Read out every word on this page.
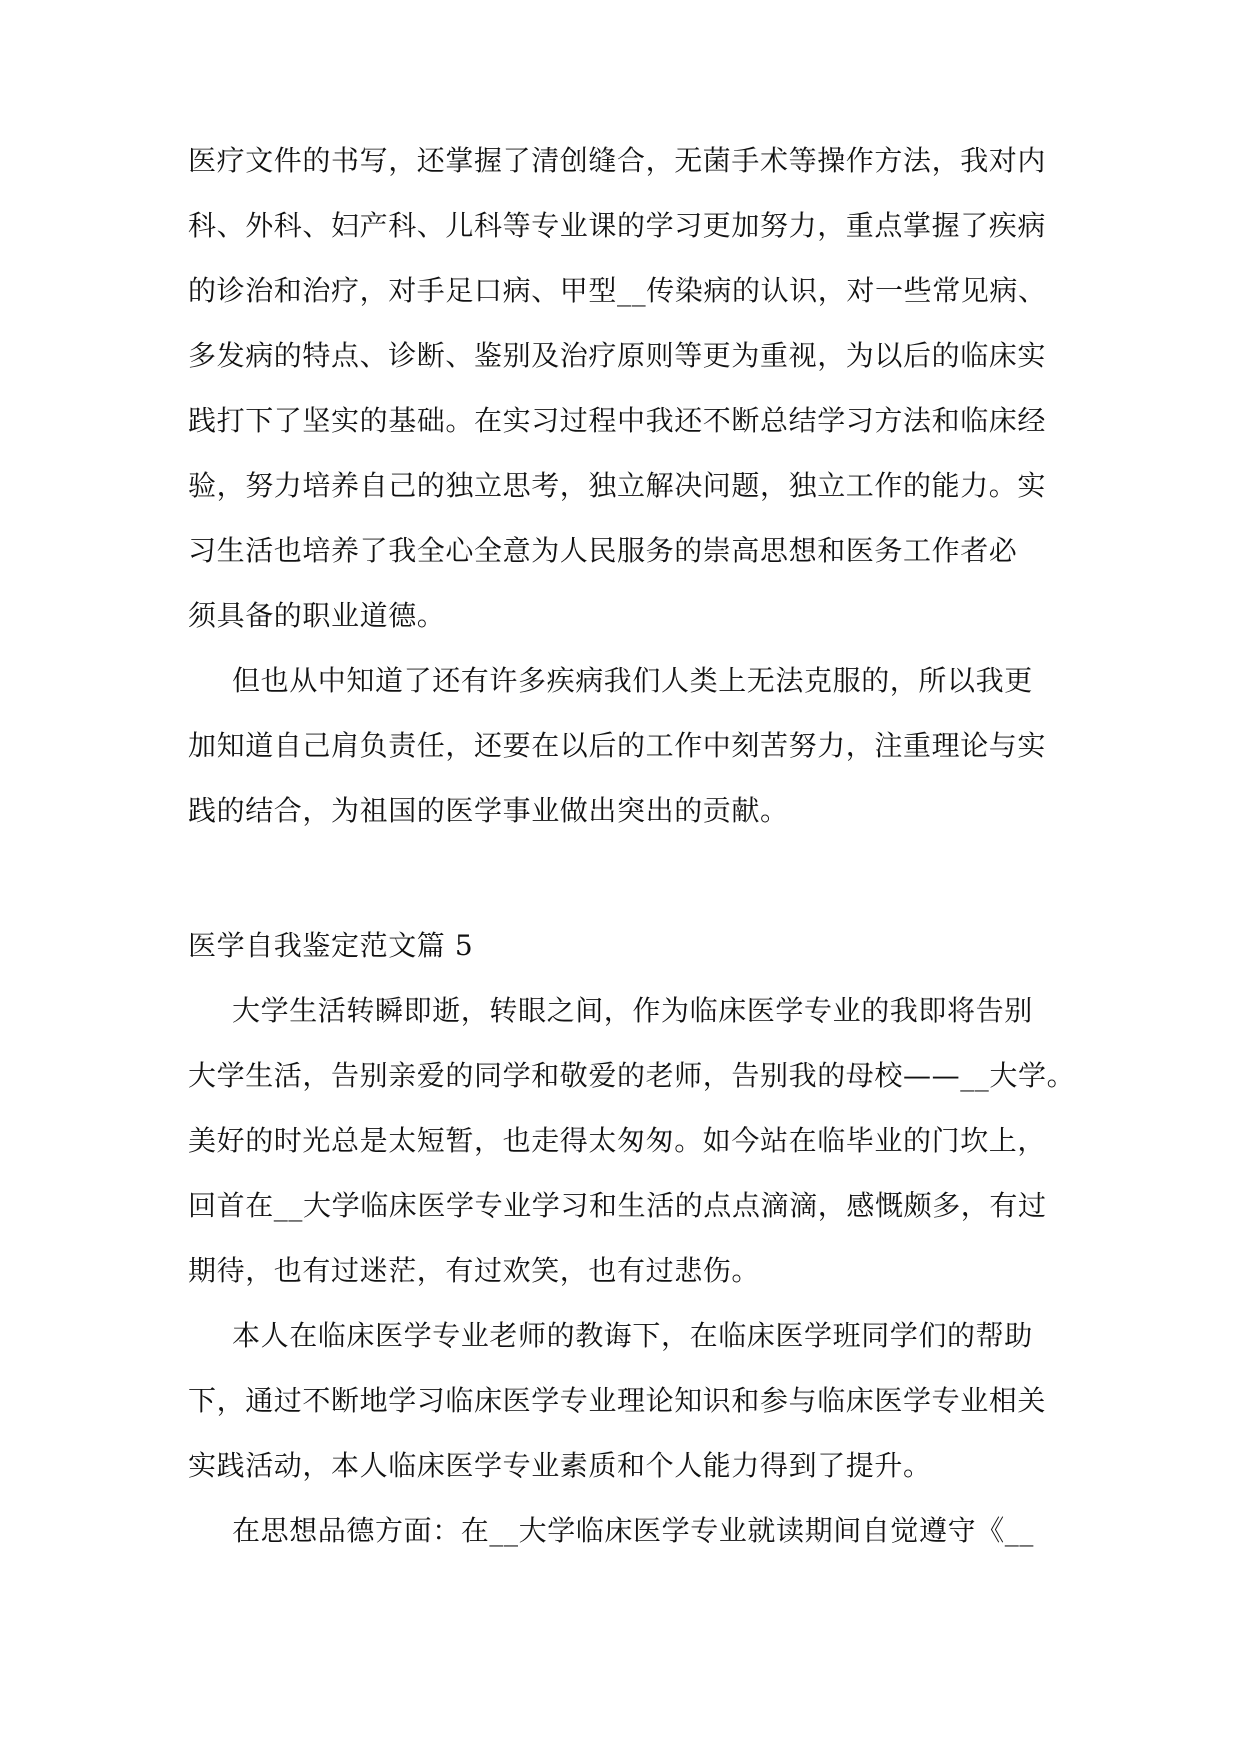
医疗文件的书写，还掌握了清创缝合，无菌手术等操作方法，我对内
科、外科、妇产科、儿科等专业课的学习更加努力，重点掌握了疾病
的诊治和治疗，对手足口病、甲型__传染病的认识，对一些常见病、
多发病的特点、诊断、鉴别及治疗原则等更为重视，为以后的临床实
践打下了坚实的基础。在实习过程中我还不断总结学习方法和临床经
验，努力培养自己的独立思考，独立解决问题，独立工作的能力。实
习生活也培养了我全心全意为人民服务的崇高思想和医务工作者必
须具备的职业道德。
但也从中知道了还有许多疾病我们人类上无法克服的，所以我更
加知道自己肩负责任，还要在以后的工作中刻苦努力，注重理论与实
践的结合，为祖国的医学事业做出突出的贡献。
医学自我鉴定范文篇 5
大学生活转瞬即逝，转眼之间，作为临床医学专业的我即将告别
大学生活，告别亲爱的同学和敬爱的老师，告别我的母校——__大学。
美好的时光总是太短暂，也走得太匆匆。如今站在临毕业的门坎上，
回首在__大学临床医学专业学习和生活的点点滴滴，感慨颇多，有过
期待，也有过迷茫，有过欢笑，也有过悲伤。
本人在临床医学专业老师的教诲下，在临床医学班同学们的帮助
下，通过不断地学习临床医学专业理论知识和参与临床医学专业相关
实践活动，本人临床医学专业素质和个人能力得到了提升。
在思想品德方面：在__大学临床医学专业就读期间自觉遵守《__
